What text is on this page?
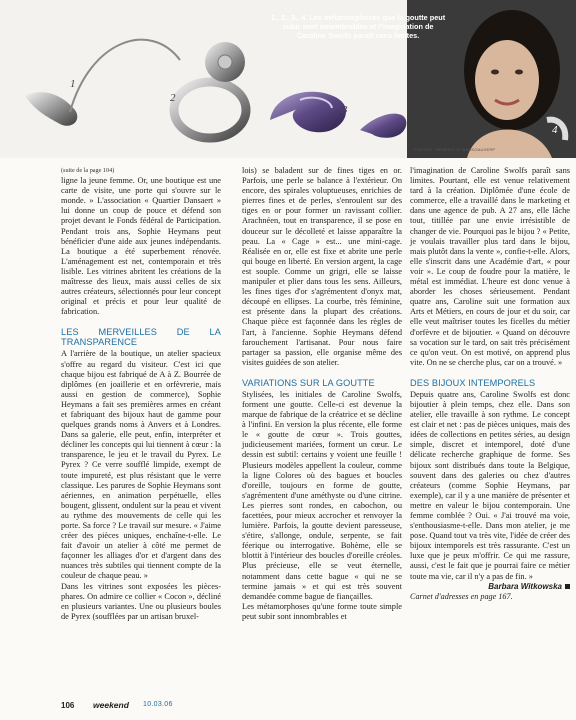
1
2
3
4
1., 2., 3., 4. Les métamorphoses que la goutte peut subir sont innombrables et l'imagination de Caroline Swolfs paraît sans limites.
PHOTOS : BENEDICTE MARKGAUVERP

(suite de la page 104)

ligne la jeune femme. Or, une boutique est une carte de visite, une porte qui s'ouvre sur le monde. » L'association « Quartier Dansaert » lui donne un coup de pouce et défend son projet devant le Fonds fédéral de Participation. Pendant trois ans, Sophie Heymans peut bénéficier d'une aide aux jeunes indépendants. La boutique a été superbement rénovée. L'aménagement est net, contemporain et très lisible. Les vitrines abritent les créations de la maîtresse des lieux, mais aussi celles de six autres créateurs, sélectionnés pour leur concept original et précis et pour leur qualité de fabrication.

LES MERVEILLES DE LA TRANSPARENCE

A l'arrière de la boutique, un atelier spacieux s'offre au regard du visiteur. C'est ici que chaque bijou est fabriqué de A à Z. Bourrée de diplômes (en joaillerie et en orfèvrerie, mais aussi en gestion de commerce), Sophie Heymans a fait ses premières armes en créant et fabriquant des bijoux haut de gamme pour quelques grands noms à Anvers et à Londres. Dans sa galerie, elle peut, enfin, interpréter et décliner les concepts qui lui tiennent à cœur : la transparence, le jeu et le travail du Pyrex. Le Pyrex ? Ce verre soufflé limpide, exempt de toute impureté, est plus résistant que le verre classique. Les parures de Sophie Heymans sont aériennes, en animation perpétuelle, elles bougent, glissent, ondulent sur la peau et vivent au rythme des mouvements de celle qui les porte. Sa force ? Le travail sur mesure. « J'aime créer des pièces uniques, enchaîne-t-elle. Le fait d'avoir un atelier à côté me permet de façonner les alliages d'or et d'argent dans des nuances très subtiles qui tiennent compte de la couleur de chaque peau. »

Dans les vitrines sont exposées les pièces-phares. On admire ce collier « Cocon », décliné en plusieurs variantes. Une ou plusieurs boules de Pyrex (soufflées par un artisan bruxel-

lois) se baladent sur de fines tiges en or. Parfois, une perle se balance à l'extérieur. On encore, des spirales voluptueuses, enrichies de pierres fines et de perles, s'enroulent sur des tiges en or pour former un ravissant collier. Arachnéen, tout en transparence, il se pose en douceur sur le décolleté et laisse apparaître la peau. La « Cage » est... une mini-cage. Réalisée en or, elle est fixe et abrite une perle qui bouge en liberté. En version argent, la cage est souple. Comme un grigri, elle se laisse manipuler et plier dans tous les sens. Ailleurs, les fines tiges d'or s'agrémentent d'onyx mat, découpé en ellipses. La courbe, très féminine, est présente dans la plupart des créations. Chaque pièce est façonnée dans les règles de l'art, à l'ancienne. Sophie Heymans défend farouchement l'artisanat. Pour nous faire partager sa passion, elle organise même des visites guidées de son atelier.

VARIATIONS SUR LA GOUTTE

Stylisées, les initiales de Caroline Swolfs, forment une goutte. Celle-ci est devenue la marque de fabrique de la créatrice et se décline à l'infini. En version la plus récente, elle forme le « goutte de cœur ». Trois gouttes, judicieusement mariées, forment un cœur. Le dessin est subtil: certains y voient une feuille ! Plusieurs modèles appellent la couleur, comme la ligne Colores où des bagues et boucles d'oreille, toujours en forme de goutte, s'agrémentent d'une améthyste ou d'une citrine. Les pierres sont rondes, en cabochon, ou facettées, pour mieux accrocher et renvoyer la lumière. Parfois, la goutte devient paresseuse, s'étire, s'allonge, ondule, serpente, se fait féerique ou interrogative. Bohème, elle se blottit à l'intérieur des boucles d'oreille créoles. Plus précieuse, elle se veut éternelle, notamment dans cette bague « qui ne se termine jamais » et qui est très souvent demandée comme bague de fiançailles.

Les métamorphoses qu'une forme toute simple peut subir sont innombrables et

l'imagination de Caroline Swolfs paraît sans limites. Pourtant, elle est venue relativement tard à la création. Diplômée d'une école de commerce, elle a travaillé dans le marketing et dans une agence de pub. A 27 ans, elle lâche tout, titillée par une envie irrésistible de changer de vie. Pourquoi pas le bijou ? « Petite, je voulais travailler plus tard dans le bijou, mais plutôt dans la vente », confie-t-elle. Alors, elle s'inscrit dans une Académie d'art, « pour voir ». Le coup de foudre pour la matière, le métal est immédiat. L'heure est donc venue à aborder les choses sérieusement. Pendant quatre ans, Caroline suit une formation aux Arts et Métiers, en cours de jour et du soir, car elle veut maîtriser toutes les ficelles du métier d'orfèvre et de bijoutier. « Quand on découvre sa vocation sur le tard, on sait très précisément ce qu'on veut. On est motivé, on apprend plus vite. On ne se cherche plus, car on a trouvé. »

DES BIJOUX INTEMPORELS

Depuis quatre ans, Caroline Swolfs est donc bijoutier à plein temps, chez elle. Dans son atelier, elle travaille à son rythme. Le concept est clair et net : pas de pièces uniques, mais des idées de collections en petites séries, au design simple, discret et intemporel, doté d'une délicate recherche graphique de forme. Ses bijoux sont distribués dans toute la Belgique, souvent dans des galeries ou chez d'autres créateurs (comme Sophie Heymans, par exemple), car il y a une manière de présenter et mettre en valeur le bijou contemporain. Une femme comblée ? Oui. « J'ai trouvé ma voie, s'enthousiasme-t-elle. Dans mon atelier, je me pose. Quand tout va très vite, l'idée de créer des bijoux intemporels est très rassurante. C'est un luxe que je peux m'offrir. Ce qui me rassure, aussi, c'est le fait que je pourrai faire ce métier toute ma vie, car il n'y a pas de fin. »

Barbara Witkowska
Carnet d'adresses en page 167.
106 weekend 10.03.06
